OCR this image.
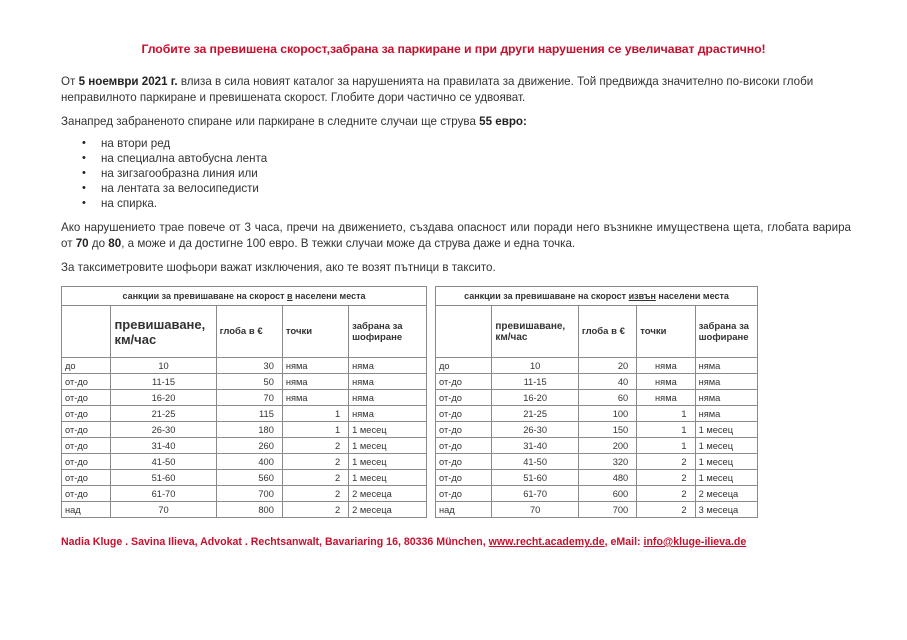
Глобите за превишена скорост,забрана за паркиране и при други нарушения се увеличават драстично!
От 5 ноември 2021 г. влиза в сила новият каталог за нарушенията на правилата за движение. Той предвижда значително по-високи глоби неправилното паркиране и превишената скорост. Глобите дори частично се удвояват.
Занапред забраненото спиране или паркиране в следните случаи ще струва 55 евро:
• на втори ред
• на специална автобусна лента
• на зигзагообразна линия или
• на лентата за велосипедисти
• на спирка.
Ако нарушението трае повече от 3 часа, пречи на движението, създава опасност или поради него възникне имуществена щета, глобата варира от 70 до 80, а може и да достигне 100 евро. В тежки случаи може да струва даже и една точка.
За таксиметровите шофьори важат изключения, ако те возят пътници в таксито.
санкции за превишаване на скорост в населени места				
	превишаване, км/час	глоба в €	точки	забрана за шофиране
до	10	30	няма	няма
от-до	11-15	50	няма	няма
от-до	16-20	70	няма	няма
от-до	21-25	115	1	няма
от-до	26-30	180	1	1 месец
от-до	31-40	260	2	1 месец
от-до	41-50	400	2	1 месец
от-до	51-60	560	2	1 месец
от-до	61-70	700	2	2 месеца
над	70	800	2	2 месеца
санкции за превишаване на скорост извън населени места				
	превишаване, км/час	глоба в €	точки	забрана за шофиране
до	10	20	няма	няма
от-до	11-15	40	няма	няма
от-до	16-20	60	няма	няма
от-до	21-25	100	1	няма
от-до	26-30	150	1	1 месец
от-до	31-40	200	1	1 месец
от-до	41-50	320	2	1 месец
от-до	51-60	480	2	1 месец
от-до	61-70	600	2	2 месеца
над	70	700	2	3 месеца
Nadia Kluge . Savina Ilieva, Advokat . Rechtsanwalt, Bavariaring 16, 80336 München, www.recht.academy.de, eMail: info@kluge-ilieva.de
